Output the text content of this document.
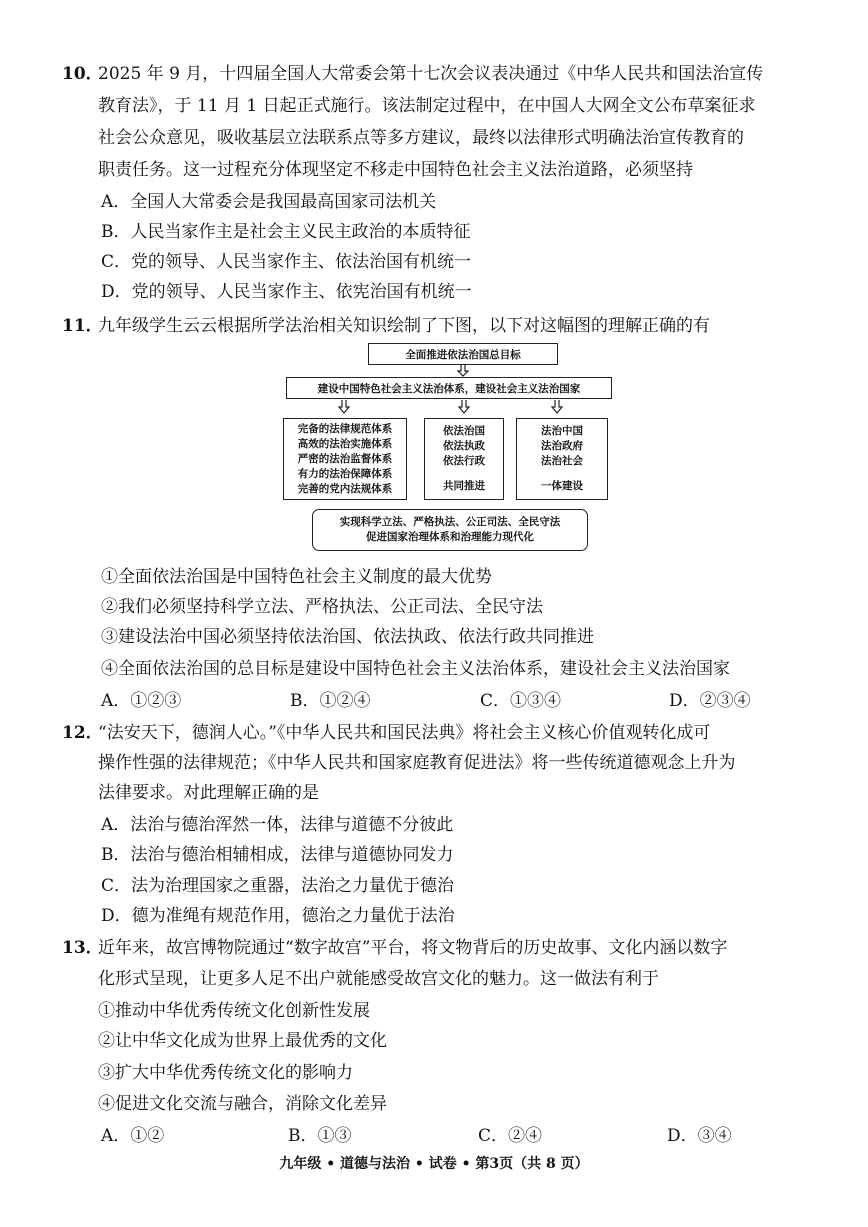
10．
2025 年 9 月，十四届全国人大常委会第十七次会议表决通过《中华人民共和国法治宣传
教育法》，于 11 月 1 日起正式施行。该法制定过程中，在中国人大网全文公布草案征求
社会公众意见，吸收基层立法联系点等多方建议，最终以法律形式明确法治宣传教育的
职责任务。这一过程充分体现坚定不移走中国特色社会主义法治道路，必须坚持
A．全国人大常委会是我国最高国家司法机关
B．人民当家作主是社会主义民主政治的本质特征
C．党的领导、人民当家作主、依法治国有机统一
D．党的领导、人民当家作主、依宪治国有机统一
11．
九年级学生云云根据所学法治相关知识绘制了下图，以下对这幅图的理解正确的有
全面推进依法治国总目标
建设中国特色社会主义法治体系，建设社会主义法治国家
完备的法律规范体系
高效的法治实施体系
严密的法治监督体系
有力的法治保障体系
完善的党内法规体系
依法治国
依法执政
依法行政
共同推进
法治中国
法治政府
法治社会
一体建设
实现科学立法、严格执法、公正司法、全民守法
促进国家治理体系和治理能力现代化
①全面依法治国是中国特色社会主义制度的最大优势
②我们必须坚持科学立法、严格执法、公正司法、全民守法
③建设法治中国必须坚持依法治国、依法执政、依法行政共同推进
④全面依法治国的总目标是建设中国特色社会主义法治体系，建设社会主义法治国家
A．①②③	B．①②④	C．①③④	D．②③④
12．
“法安天下，德润人心。”《中华人民共和国民法典》将社会主义核心价值观转化成可
操作性强的法律规范；《中华人民共和国家庭教育促进法》将一些传统道德观念上升为
法律要求。对此理解正确的是
A．法治与德治浑然一体，法律与道德不分彼此
B．法治与德治相辅相成，法律与道德协同发力
C．法为治理国家之重器，法治之力量优于德治
D．德为准绳有规范作用，德治之力量优于法治
13．
近年来，故宫博物院通过“数字故宫”平台，将文物背后的历史故事、文化内涵以数字
化形式呈现，让更多人足不出户就能感受故宫文化的魅力。这一做法有利于
①推动中华优秀传统文化创新性发展
②让中华文化成为世界上最优秀的文化
③扩大中华优秀传统文化的影响力
④促进文化交流与融合，消除文化差异
A．①②	B．①③	C．②④	D．③④
九年级 • 道德与法治 • 试卷 • 第3页（共 8 页）
